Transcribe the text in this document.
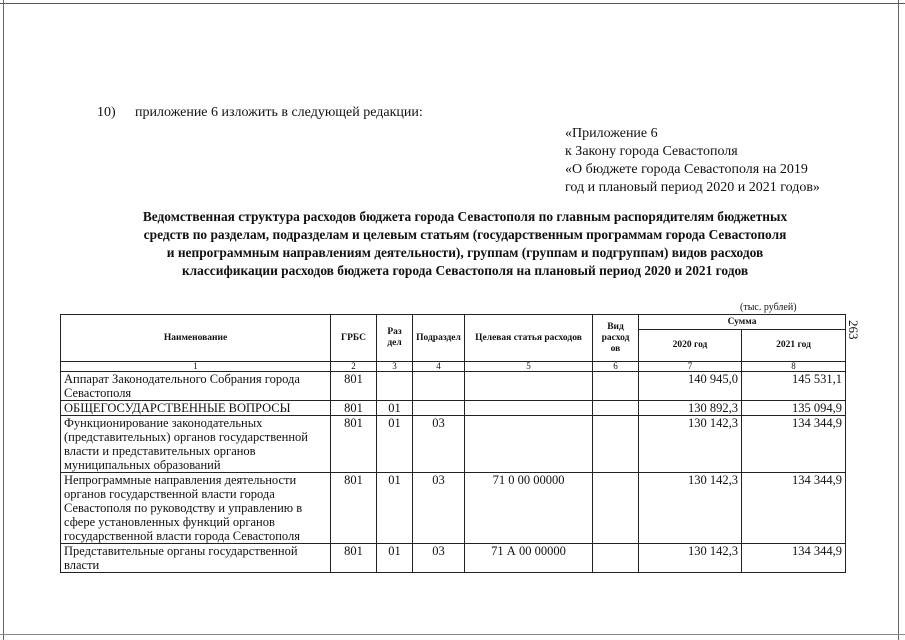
10) приложение 6 изложить в следующей редакции:
«Приложение 6
к Закону города Севастополя
«О бюджете города Севастополя на 2019
год и плановый период 2020 и 2021 годов»
Ведомственная структура расходов бюджета города Севастополя по главным распорядителям бюджетных
средств по разделам, подразделам и целевым статьям (государственным программам города Севастополя
и непрограммным направлениям деятельности), группам (группам и подгруппам) видов расходов
классификации расходов бюджета города Севастополя на плановый период 2020 и 2021 годов
(тыс. рублей)
263
Наименование	ГРБС	Раз дел	Подраздел	Целевая статья расходов	Вид расход ов	Сумма	
						2020 год	2021 год
1	2	3	4	5	6	7	8
Аппарат Законодательного Собрания города Севастополя	801					140 945,0	145 531,1
ОБЩЕГОСУДАРСТВЕННЫЕ ВОПРОСЫ	801	01				130 892,3	135 094,9
Функционирование законодательных (представительных) органов государственной власти и представительных органов муниципальных образований	801	01	03			130 142,3	134 344,9
Непрограммные направления деятельности органов государственной власти города Севастополя по руководству и управлению в сфере установленных функций органов государственной власти города Севастополя	801	01	03	71 0 00 00000		130 142,3	134 344,9
Представительные органы государственной власти	801	01	03	71 А 00 00000		130 142,3	134 344,9
